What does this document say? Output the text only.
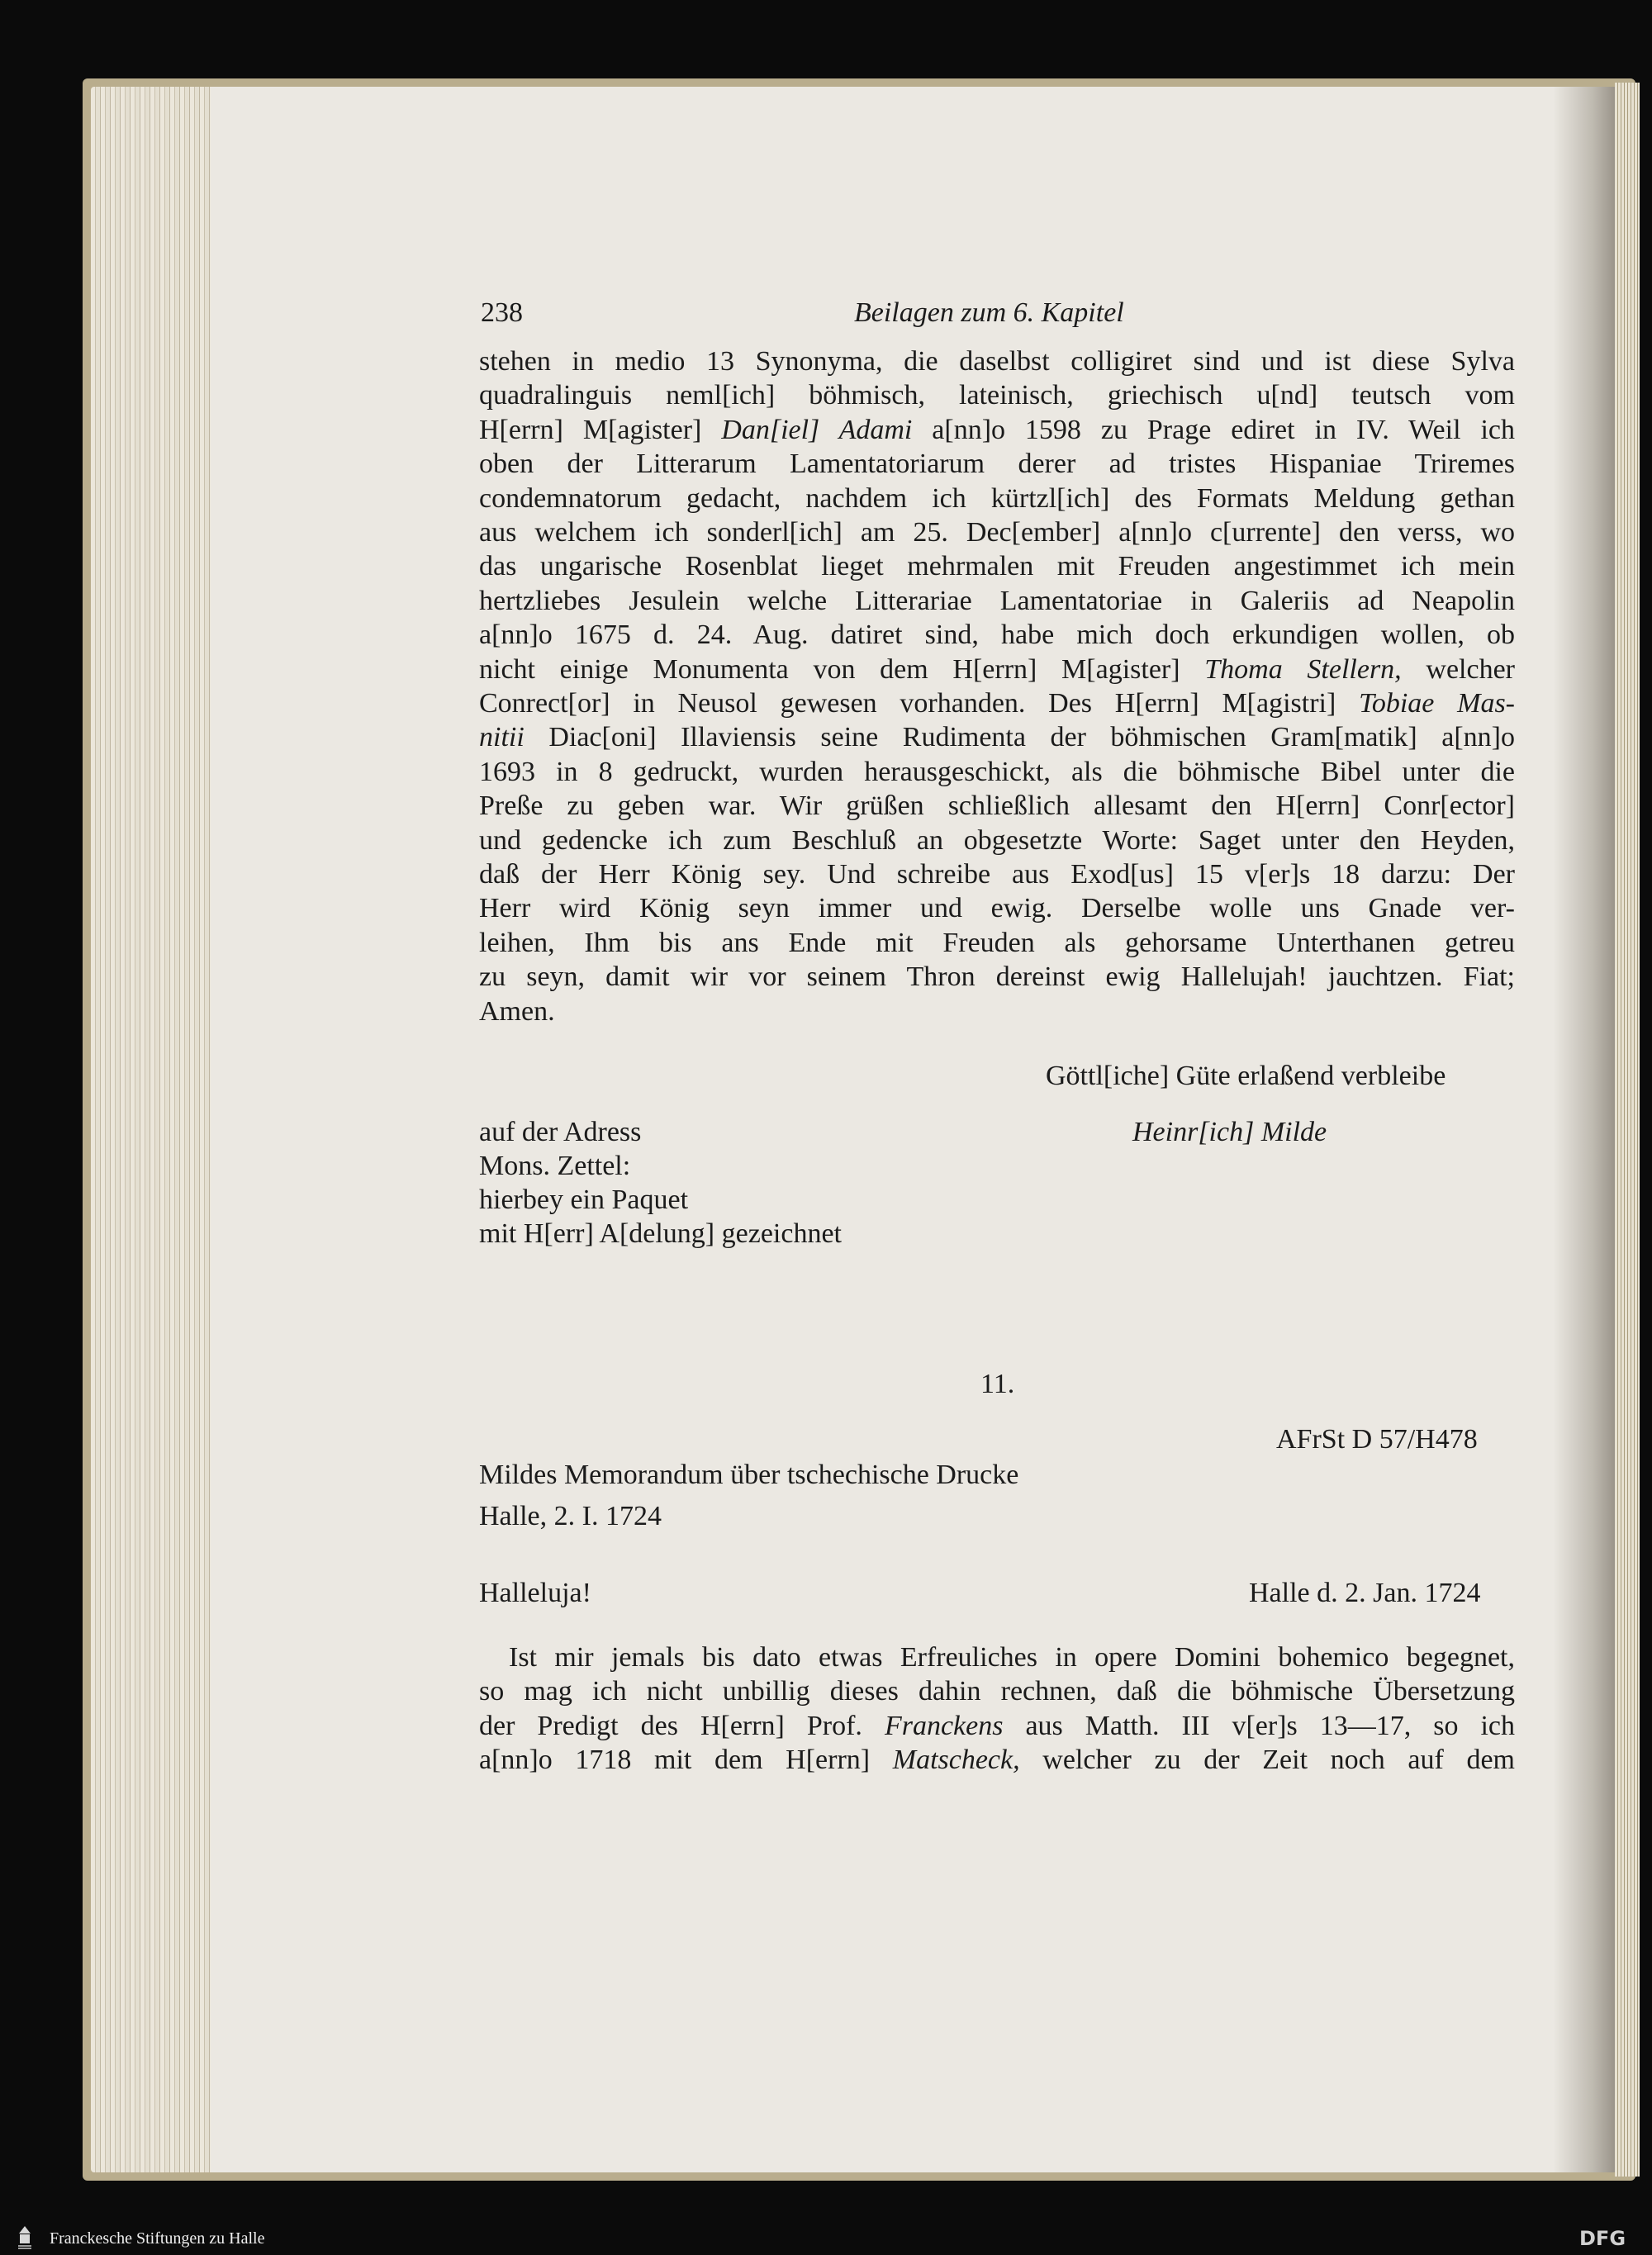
238	Beilagen zum 6. Kapitel

stehen in medio 13 Synonyma, die daselbst colligiret sind und ist diese Sylva

quadralinguis neml[ich] böhmisch, lateinisch, griechisch u[nd] teutsch vom

H[errn] M[agister] Dan[iel] Adami a[nn]o 1598 zu Prage ediret in IV. Weil ich

oben der Litterarum Lamentatoriarum derer ad tristes Hispaniae Triremes

condemnatorum gedacht, nachdem ich kürtzl[ich] des Formats Meldung gethan

aus welchem ich sonderl[ich] am 25. Dec[ember] a[nn]o c[urrente] den verss, wo

das ungarische Rosenblat lieget mehrmalen mit Freuden angestimmet ich mein

hertzliebes Jesulein welche Litterariae Lamentatoriae in Galeriis ad Neapolin

a[nn]o 1675 d. 24. Aug. datiret sind, habe mich doch erkundigen wollen, ob

nicht einige Monumenta von dem H[errn] M[agister] Thoma Stellern, welcher

Conrect[or] in Neusol gewesen vorhanden. Des H[errn] M[agistri] Tobiae Mas-

nitii Diac[oni] Illaviensis seine Rudimenta der böhmischen Gram[matik] a[nn]o

1693 in 8 gedruckt, wurden herausgeschickt, als die böhmische Bibel unter die

Preße zu geben war. Wir grüßen schließlich allesamt den H[errn] Conr[ector]

und gedencke ich zum Beschluß an obgesetzte Worte: Saget unter den Heyden,

daß der Herr König sey. Und schreibe aus Exod[us] 15 v[er]s 18 darzu: Der

Herr wird König seyn immer und ewig. Derselbe wolle uns Gnade ver-

leihen, Ihm bis ans Ende mit Freuden als gehorsame Unterthanen getreu

zu seyn, damit wir vor seinem Thron dereinst ewig Hallelujah! jauchtzen. Fiat;

Amen.

Göttl[iche] Güte erlaßend verbleibe

Heinr[ich] Milde

auf der Adress

Mons. Zettel:

hierbey ein Paquet

mit H[err] A[delung] gezeichnet

11.

AFrSt D 57/H478

Mildes Memorandum über tschechische Drucke

Halle, 2. I. 1724

Halleluja!	Halle d. 2. Jan. 1724

Ist mir jemals bis dato etwas Erfreuliches in opere Domini bohemico begegnet,

so mag ich nicht unbillig dieses dahin rechnen, daß die böhmische Übersetzung

der Predigt des H[errn] Prof. Franckens aus Matth. III v[er]s 13—17, so ich

a[nn]o 1718 mit dem H[errn] Matscheck, welcher zu der Zeit noch auf dem

Franckesche Stiftungen zu Halle	DFG
